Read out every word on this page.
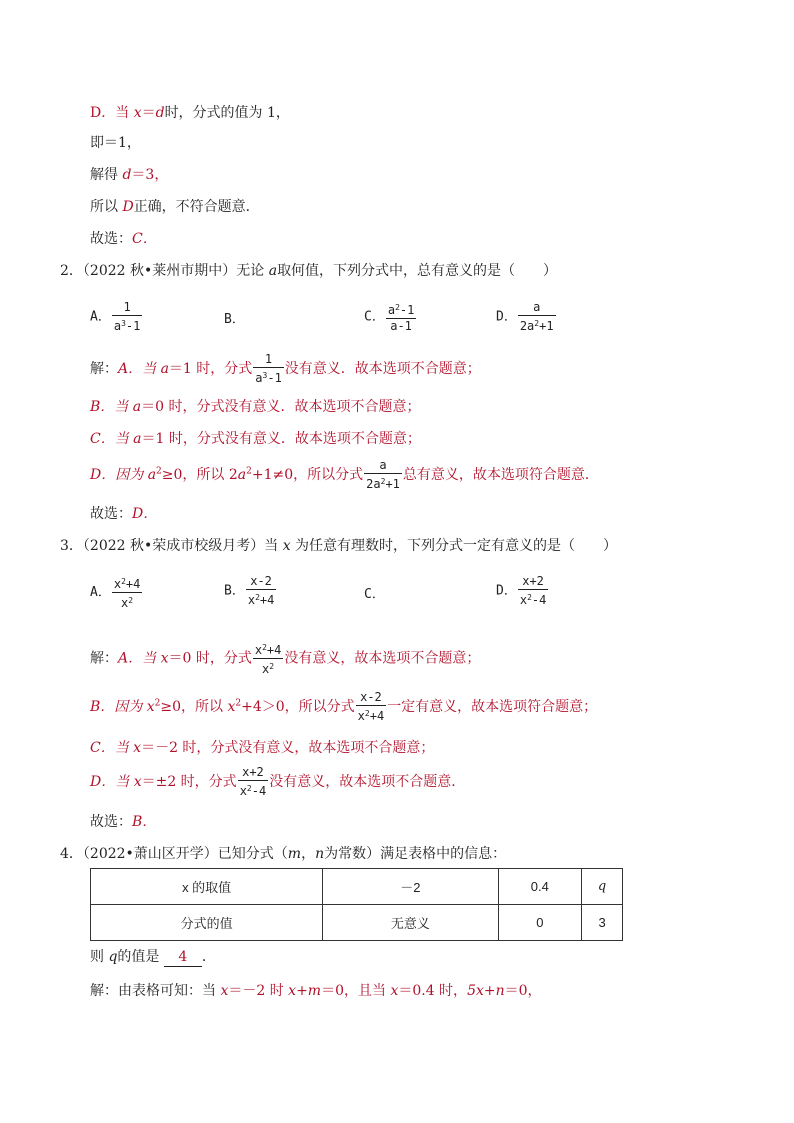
D．当 x＝d时，分式的值为 1，
即＝1，
解得 d＝3，
所以 D正确，不符合题意．
故选：C．
2．（2022 秋•莱州市期中）无论 a取何值，下列分式中，总有意义的是（　　）
A． $\frac{1}{a^3-1}$	B．	C． $\frac{a^2-1}{a-1}$	D． $\frac{a}{2a^2+1}$
解：A．当 a＝1 时，分式 $\frac{1}{a^3-1}$ 没有意义．故本选项不合题意；
B．当 a＝0 时，分式没有意义．故本选项不合题意；
C．当 a＝1 时，分式没有意义．故本选项不合题意；
D．因为 $a^2\ge 0$，所以 $2a^2+1\ne 0$，所以分式 $\frac{a}{2a^2+1}$ 总有意义，故本选项符合题意．
故选：D．
3．（2022 秋•荣成市校级月考）当 x 为任意有理数时，下列分式一定有意义的是（　　）
A． $\frac{x^2+4}{x^2}$	B． $\frac{x-2}{x^2+4}$	C．	D． $\frac{x+2}{x^2-4}$
解：A．当 x＝0 时，分式 $\frac{x^2+4}{x^2}$ 没有意义，故本选项不合题意；
B．因为 $x^2\ge 0$，所以 $x^2+4>0$，所以分式 $\frac{x-2}{x^2+4}$ 一定有意义，故本选项符合题意；
C．当 x＝－2 时，分式没有意义，故本选项不合题意；
D．当 x＝±2 时，分式 $\frac{x+2}{x^2-4}$ 没有意义，故本选项不合题意．
故选：B．
4．（2022•萧山区开学）已知分式（m，n为常数）满足表格中的信息：
x 的取值	－2	0.4	q
分式的值	无意义	0	3
则 q的值是 4 ．
解：由表格可知：当 x＝－2 时 x+m＝0，且当 x＝0.4 时，5x+n＝0，
